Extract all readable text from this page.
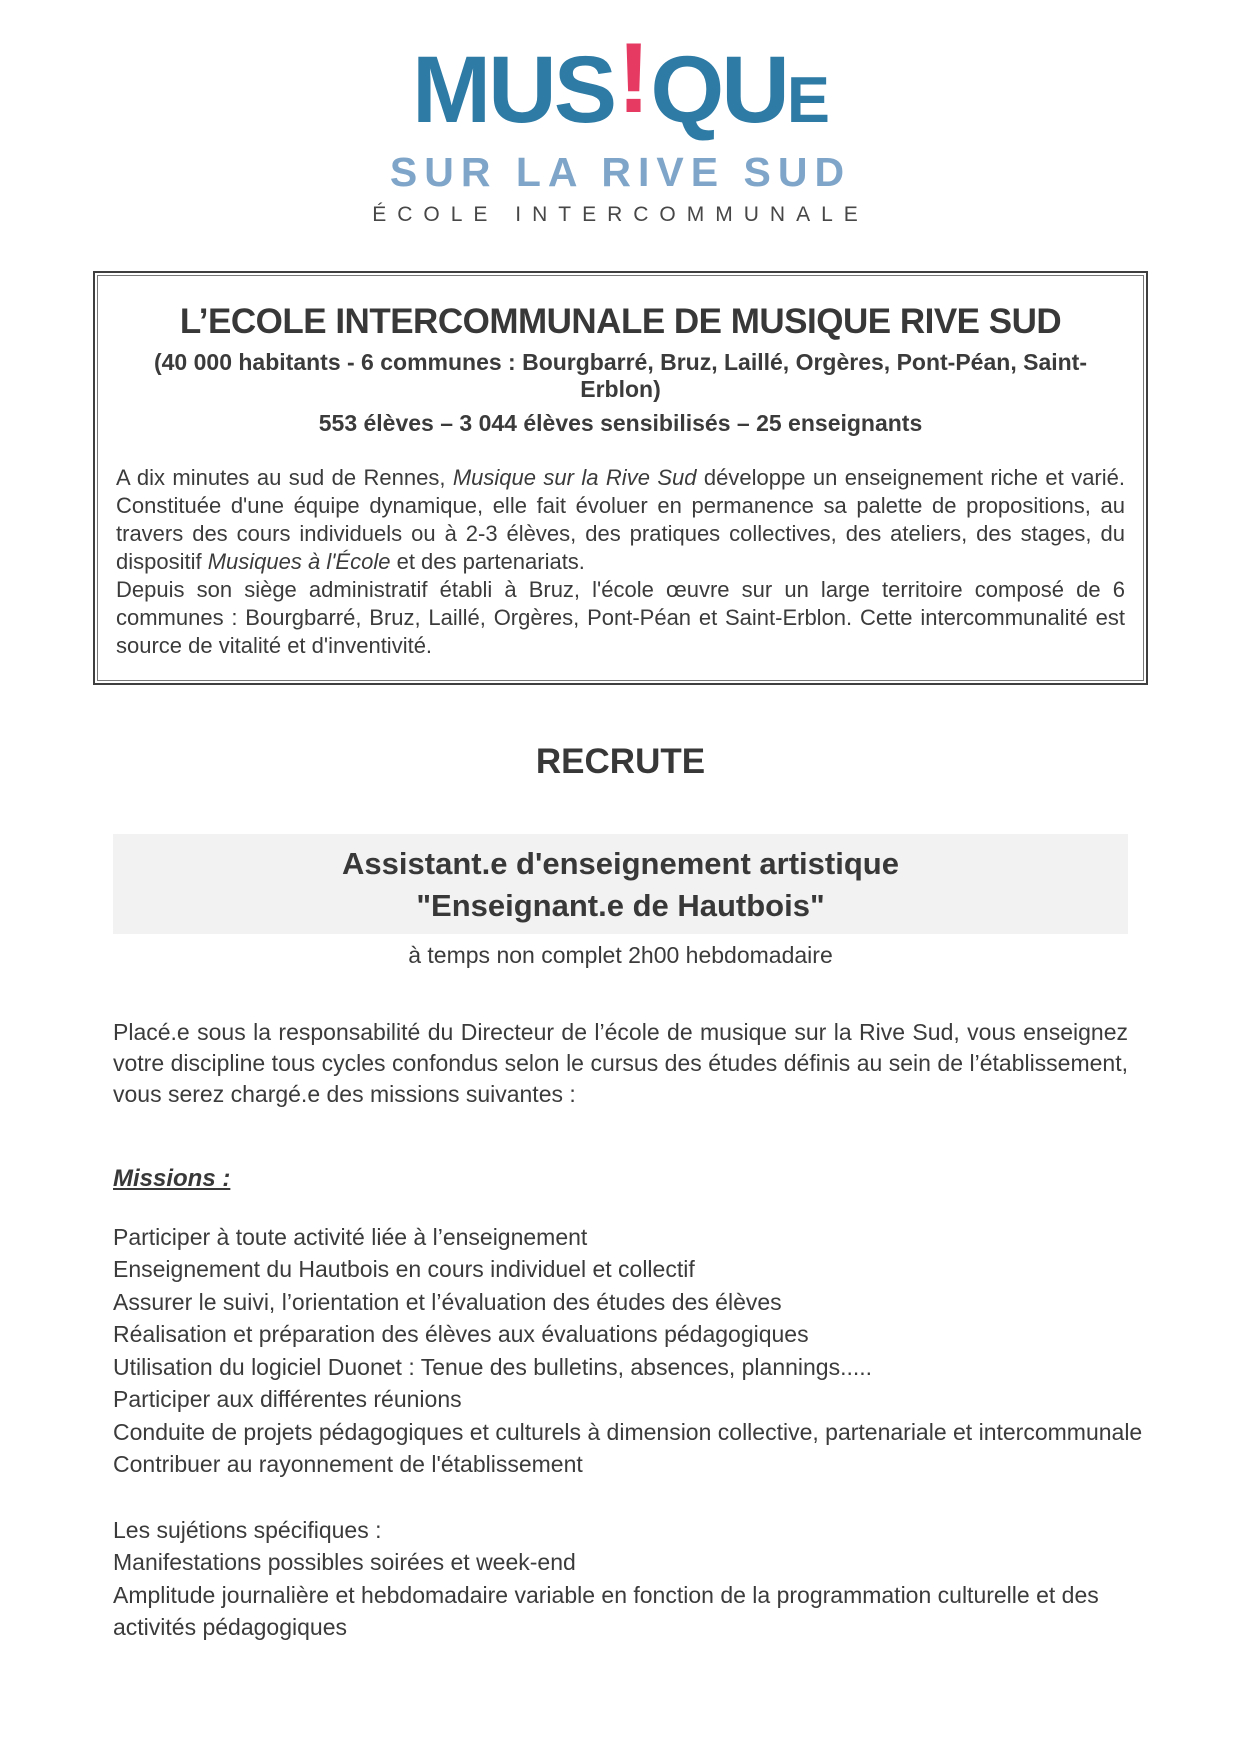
MUS!QUE
SUR LA RIVE SUD
ÉCOLE INTERCOMMUNALE
L’ECOLE INTERCOMMUNALE DE MUSIQUE RIVE SUD
(40 000 habitants - 6 communes : Bourgbarré, Bruz, Laillé, Orgères, Pont-Péan, Saint-Erblon)
553 élèves – 3 044 élèves sensibilisés – 25 enseignants

A dix minutes au sud de Rennes, Musique sur la Rive Sud développe un enseignement riche et varié. Constituée d'une équipe dynamique, elle fait évoluer en permanence sa palette de propositions, au travers des cours individuels ou à 2-3 élèves, des pratiques collectives, des ateliers, des stages, du dispositif Musiques à l'École et des partenariats.

Depuis son siège administratif établi à Bruz, l'école œuvre sur un large territoire composé de 6 communes : Bourgbarré, Bruz, Laillé, Orgères, Pont-Péan et Saint-Erblon. Cette intercommunalité est source de vitalité et d'inventivité.

RECRUTE
Assistant.e d'enseignement artistique
"Enseignant.e de Hautbois"
à temps non complet 2h00 hebdomadaire

Placé.e sous la responsabilité du Directeur de l’école de musique sur la Rive Sud, vous enseignez votre discipline tous cycles confondus selon le cursus des études définis au sein de l’établissement, vous serez chargé.e des missions suivantes :

Missions :
Participer à toute activité liée à l’enseignement
Enseignement du Hautbois en cours individuel et collectif
Assurer le suivi, l’orientation et l’évaluation des études des élèves
Réalisation et préparation des élèves aux évaluations pédagogiques
Utilisation du logiciel Duonet : Tenue des bulletins, absences, plannings.....
Participer aux différentes réunions
Conduite de projets pédagogiques et culturels à dimension collective, partenariale et intercommunale
Contribuer au rayonnement de l'établissement
Les sujétions spécifiques :
Manifestations possibles soirées et week-end
Amplitude journalière et hebdomadaire variable en fonction de la programmation culturelle et des activités pédagogiques
